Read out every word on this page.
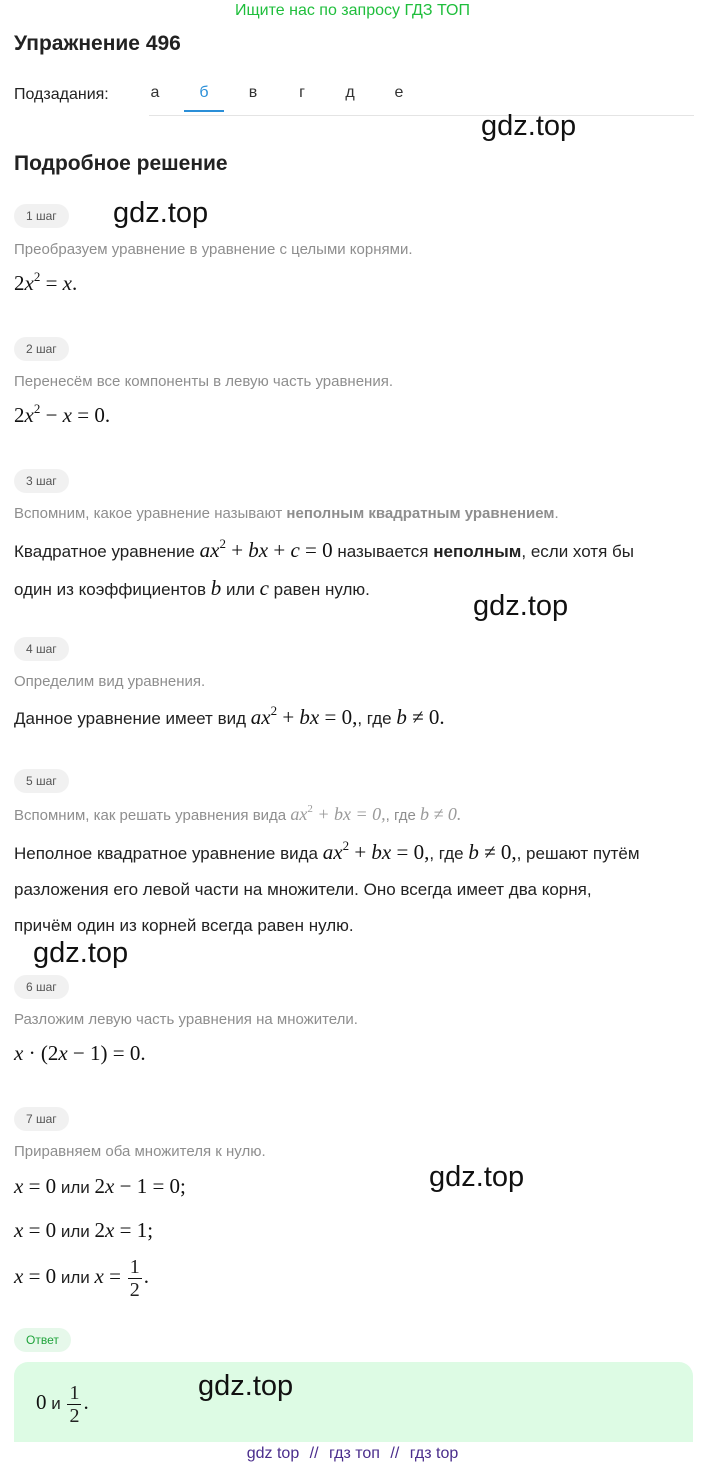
Ищите нас по запросу ГДЗ ТОП
Упражнение 496
Подзадания:	а	б	в	г	д	е
gdz.top
Подробное решение
1 шаг	gdz.top
Преобразуем уравнение в уравнение с целыми корнями.
$2x^2 = x$.
2 шаг
Перенесём все компоненты в левую часть уравнения.
$2x^2 - x = 0$.
3 шаг
Вспомним, какое уравнение называют неполным квадратным уравнением.
Квадратное уравнение $ax^2$ + bx + c = 0 называется неполным, если хотя бы
один из коэффициентов b или c равен нулю.
gdz.top
4 шаг
Определим вид уравнения.
Данное уравнение имеет вид $ax^2$ + bx = 0,, где b ≠ 0.
5 шаг
Вспомним, как решать уравнения вида $ax^2$ + bx = 0,, где b ≠ 0.
Неполное квадратное уравнение вида $ax^2$ + bx = 0,, где b ≠ 0,, решают путём
разложения его левой части на множители. Оно всегда имеет два корня,
причём один из корней всегда равен нулю.
gdz.top
6 шаг
Разложим левую часть уравнения на множители.
x · (2x − 1) = 0.
7 шаг
Приравняем оба множителя к нулю.
x = 0 или 2x − 1 = 0;	gdz.top
x = 0 или 2x = 1;
x = 0 или $x = \frac{1}{2}$ .
Ответ
0 и $\frac{1}{2}$ .	gdz.top
gdz top // гдз топ // гдз top
